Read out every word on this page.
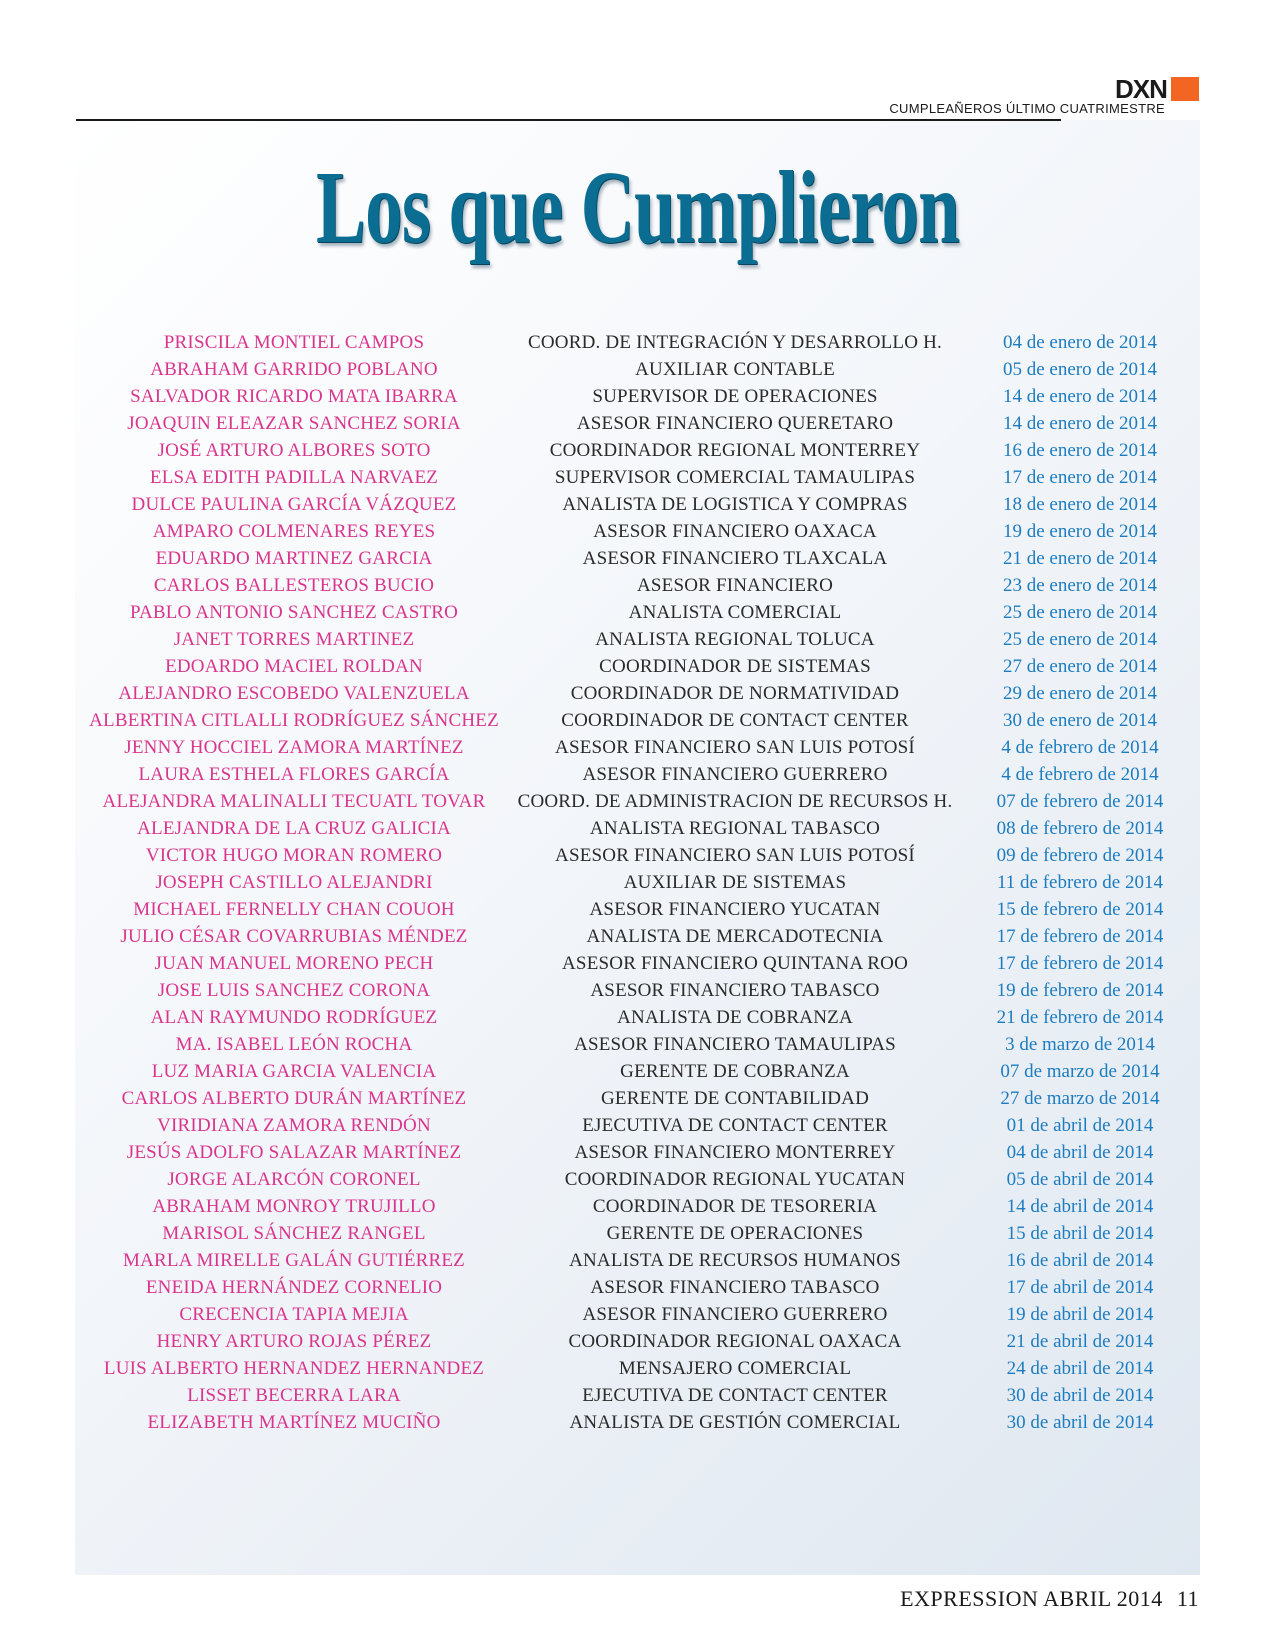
DXN
CUMPLEAÑEROS ÚLTIMO CUATRIMESTRE
Los que Cumplieron
PRISCILA MONTIEL CAMPOS	COORD. DE INTEGRACIÓN Y DESARROLLO H.	04 de enero de 2014
ABRAHAM GARRIDO POBLANO	AUXILIAR CONTABLE	05 de enero de 2014
SALVADOR RICARDO MATA IBARRA	SUPERVISOR DE OPERACIONES	14 de enero de 2014
JOAQUIN ELEAZAR SANCHEZ SORIA	ASESOR FINANCIERO QUERETARO	14 de enero de 2014
JOSÉ ARTURO ALBORES SOTO	COORDINADOR REGIONAL MONTERREY	16 de enero de 2014
ELSA EDITH PADILLA NARVAEZ	SUPERVISOR COMERCIAL TAMAULIPAS	17 de enero de 2014
DULCE PAULINA GARCÍA VÁZQUEZ	ANALISTA DE LOGISTICA Y COMPRAS	18 de enero de 2014
AMPARO COLMENARES REYES	ASESOR FINANCIERO OAXACA	19 de enero de 2014
EDUARDO MARTINEZ GARCIA	ASESOR FINANCIERO TLAXCALA	21 de enero de 2014
CARLOS BALLESTEROS BUCIO	ASESOR FINANCIERO	23 de enero de 2014
PABLO ANTONIO SANCHEZ CASTRO	ANALISTA COMERCIAL	25 de enero de 2014
JANET TORRES MARTINEZ	ANALISTA REGIONAL TOLUCA	25 de enero de 2014
EDOARDO MACIEL ROLDAN	COORDINADOR DE SISTEMAS	27 de enero de 2014
ALEJANDRO ESCOBEDO VALENZUELA	COORDINADOR DE NORMATIVIDAD	29 de enero de 2014
ALBERTINA CITLALLI RODRÍGUEZ SÁNCHEZ	COORDINADOR DE CONTACT CENTER	30 de enero de 2014
JENNY HOCCIEL ZAMORA MARTÍNEZ	ASESOR FINANCIERO SAN LUIS POTOSÍ	4 de febrero de 2014
LAURA ESTHELA FLORES GARCÍA	ASESOR FINANCIERO GUERRERO	4 de febrero de 2014
ALEJANDRA MALINALLI TECUATL TOVAR	COORD. DE ADMINISTRACION DE RECURSOS H.	07 de febrero de 2014
ALEJANDRA DE LA CRUZ GALICIA	ANALISTA REGIONAL TABASCO	08 de febrero de 2014
VICTOR HUGO MORAN ROMERO	ASESOR FINANCIERO SAN LUIS POTOSÍ	09 de febrero de 2014
JOSEPH CASTILLO ALEJANDRI	AUXILIAR DE SISTEMAS	11 de febrero de 2014
MICHAEL FERNELLY CHAN COUOH	ASESOR FINANCIERO YUCATAN	15 de febrero de 2014
JULIO CÉSAR COVARRUBIAS MÉNDEZ	ANALISTA DE MERCADOTECNIA	17 de febrero de 2014
JUAN MANUEL MORENO PECH	ASESOR FINANCIERO QUINTANA ROO	17 de febrero de 2014
JOSE LUIS SANCHEZ CORONA	ASESOR FINANCIERO TABASCO	19 de febrero de 2014
ALAN RAYMUNDO RODRÍGUEZ	ANALISTA DE COBRANZA	21 de febrero de 2014
MA. ISABEL LEÓN ROCHA	ASESOR FINANCIERO TAMAULIPAS	3 de marzo de 2014
LUZ MARIA GARCIA VALENCIA	GERENTE DE COBRANZA	07 de marzo de 2014
CARLOS ALBERTO DURÁN MARTÍNEZ	GERENTE DE CONTABILIDAD	27 de marzo de 2014
VIRIDIANA ZAMORA RENDÓN	EJECUTIVA DE CONTACT CENTER	01 de abril de 2014
JESÚS ADOLFO SALAZAR MARTÍNEZ	ASESOR FINANCIERO MONTERREY	04 de abril de 2014
JORGE ALARCÓN CORONEL	COORDINADOR REGIONAL YUCATAN	05 de abril de 2014
ABRAHAM MONROY TRUJILLO	COORDINADOR DE TESORERIA	14 de abril de 2014
MARISOL SÁNCHEZ RANGEL	GERENTE DE OPERACIONES	15 de abril de 2014
MARLA MIRELLE GALÁN GUTIÉRREZ	ANALISTA DE RECURSOS HUMANOS	16 de abril de 2014
ENEIDA HERNÁNDEZ CORNELIO	ASESOR FINANCIERO TABASCO	17 de abril de 2014
CRECENCIA TAPIA MEJIA	ASESOR FINANCIERO GUERRERO	19 de abril de 2014
HENRY ARTURO ROJAS PÉREZ	COORDINADOR REGIONAL OAXACA	21 de abril de 2014
LUIS ALBERTO HERNANDEZ HERNANDEZ	MENSAJERO COMERCIAL	24 de abril de 2014
LISSET BECERRA LARA	EJECUTIVA DE CONTACT CENTER	30 de abril de 2014
ELIZABETH MARTÍNEZ MUCIÑO	ANALISTA DE GESTIÓN COMERCIAL	30 de abril de 2014
EXPRESSION ABRIL 2014 11
